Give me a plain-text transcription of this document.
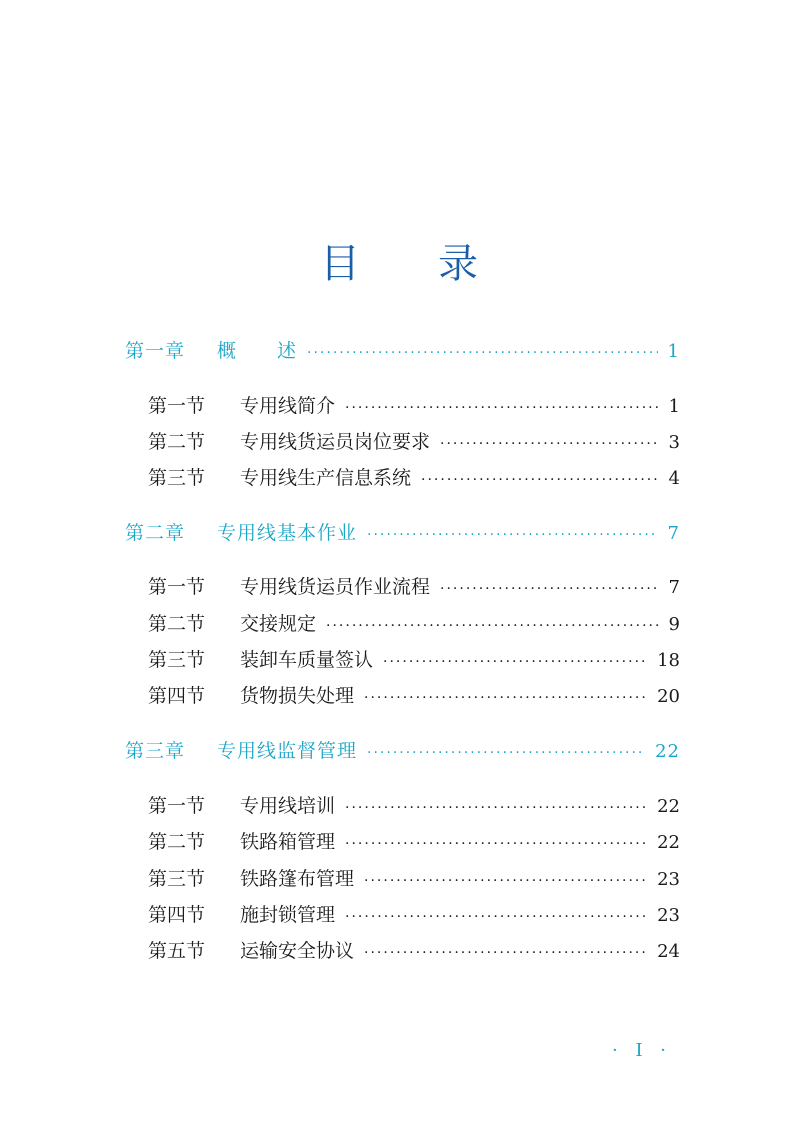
目 录
第一章	概　　述 ·····	1
第一节	专用线简介 ·····	1
第二节	专用线货运员岗位要求 ·····	3
第三节	专用线生产信息系统 ·····	4
第二章	专用线基本作业 ·····	7
第一节	专用线货运员作业流程 ·····	7
第二节	交接规定 ·····	9
第三节	装卸车质量签认 ·····	18
第四节	货物损失处理 ·····	20
第三章	专用线监督管理 ·····	22
第一节	专用线培训 ·····	22
第二节	铁路箱管理 ·····	22
第三节	铁路篷布管理 ·····	23
第四节	施封锁管理 ·····	23
第五节	运输安全协议 ·····	24
· I ·
